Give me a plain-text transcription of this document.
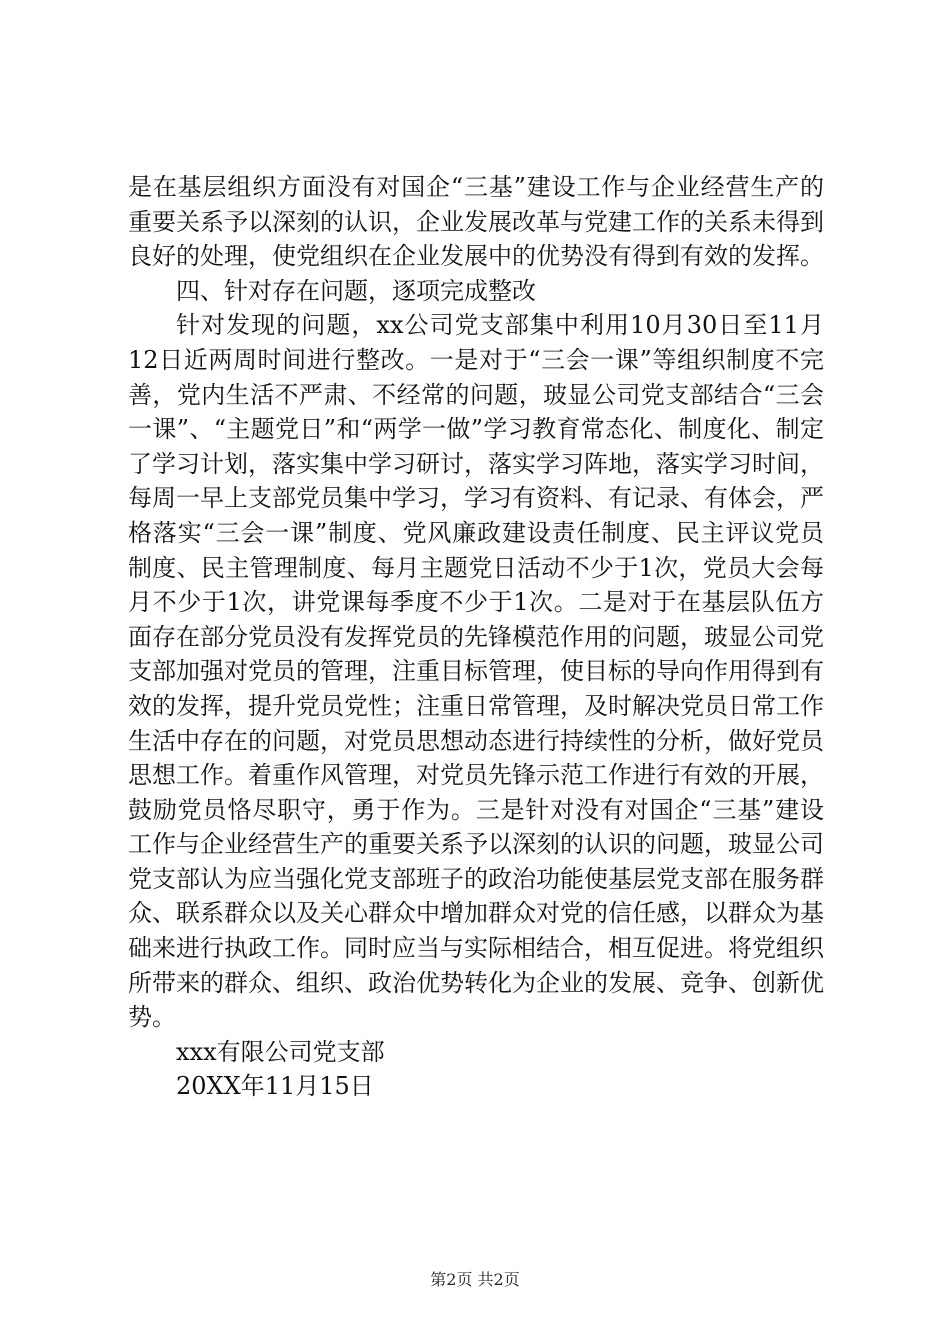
是在基层组织方面没有对国企“三基”建设工作与企业经营生产的重要关系予以深刻的认识，企业发展改革与党建工作的关系未得到良好的处理，使党组织在企业发展中的优势没有得到有效的发挥。

四、针对存在问题，逐项完成整改

针对发现的问题，xx公司党支部集中利用10月30日至11月12日近两周时间进行整改。一是对于“三会一课”等组织制度不完善，党内生活不严肃、不经常的问题，玻显公司党支部结合“三会一课”、“主题党日”和“两学一做”学习教育常态化、制度化、制定了学习计划，落实集中学习研讨，落实学习阵地，落实学习时间，每周一早上支部党员集中学习，学习有资料、有记录、有体会，严格落实“三会一课”制度、党风廉政建设责任制度、民主评议党员制度、民主管理制度、每月主题党日活动不少于1次，党员大会每月不少于1次，讲党课每季度不少于1次。二是对于在基层队伍方面存在部分党员没有发挥党员的先锋模范作用的问题，玻显公司党支部加强对党员的管理，注重目标管理，使目标的导向作用得到有效的发挥，提升党员党性；注重日常管理，及时解决党员日常工作生活中存在的问题，对党员思想动态进行持续性的分析，做好党员思想工作。着重作风管理，对党员先锋示范工作进行有效的开展，鼓励党员恪尽职守，勇于作为。三是针对没有对国企“三基”建设工作与企业经营生产的重要关系予以深刻的认识的问题，玻显公司党支部认为应当强化党支部班子的政治功能使基层党支部在服务群众、联系群众以及关心群众中增加群众对党的信任感，以群众为基础来进行执政工作。同时应当与实际相结合，相互促进。将党组织所带来的群众、组织、政治优势转化为企业的发展、竞争、创新优势。

xxx有限公司党支部

20XX年11月15日

第2页 共2页
